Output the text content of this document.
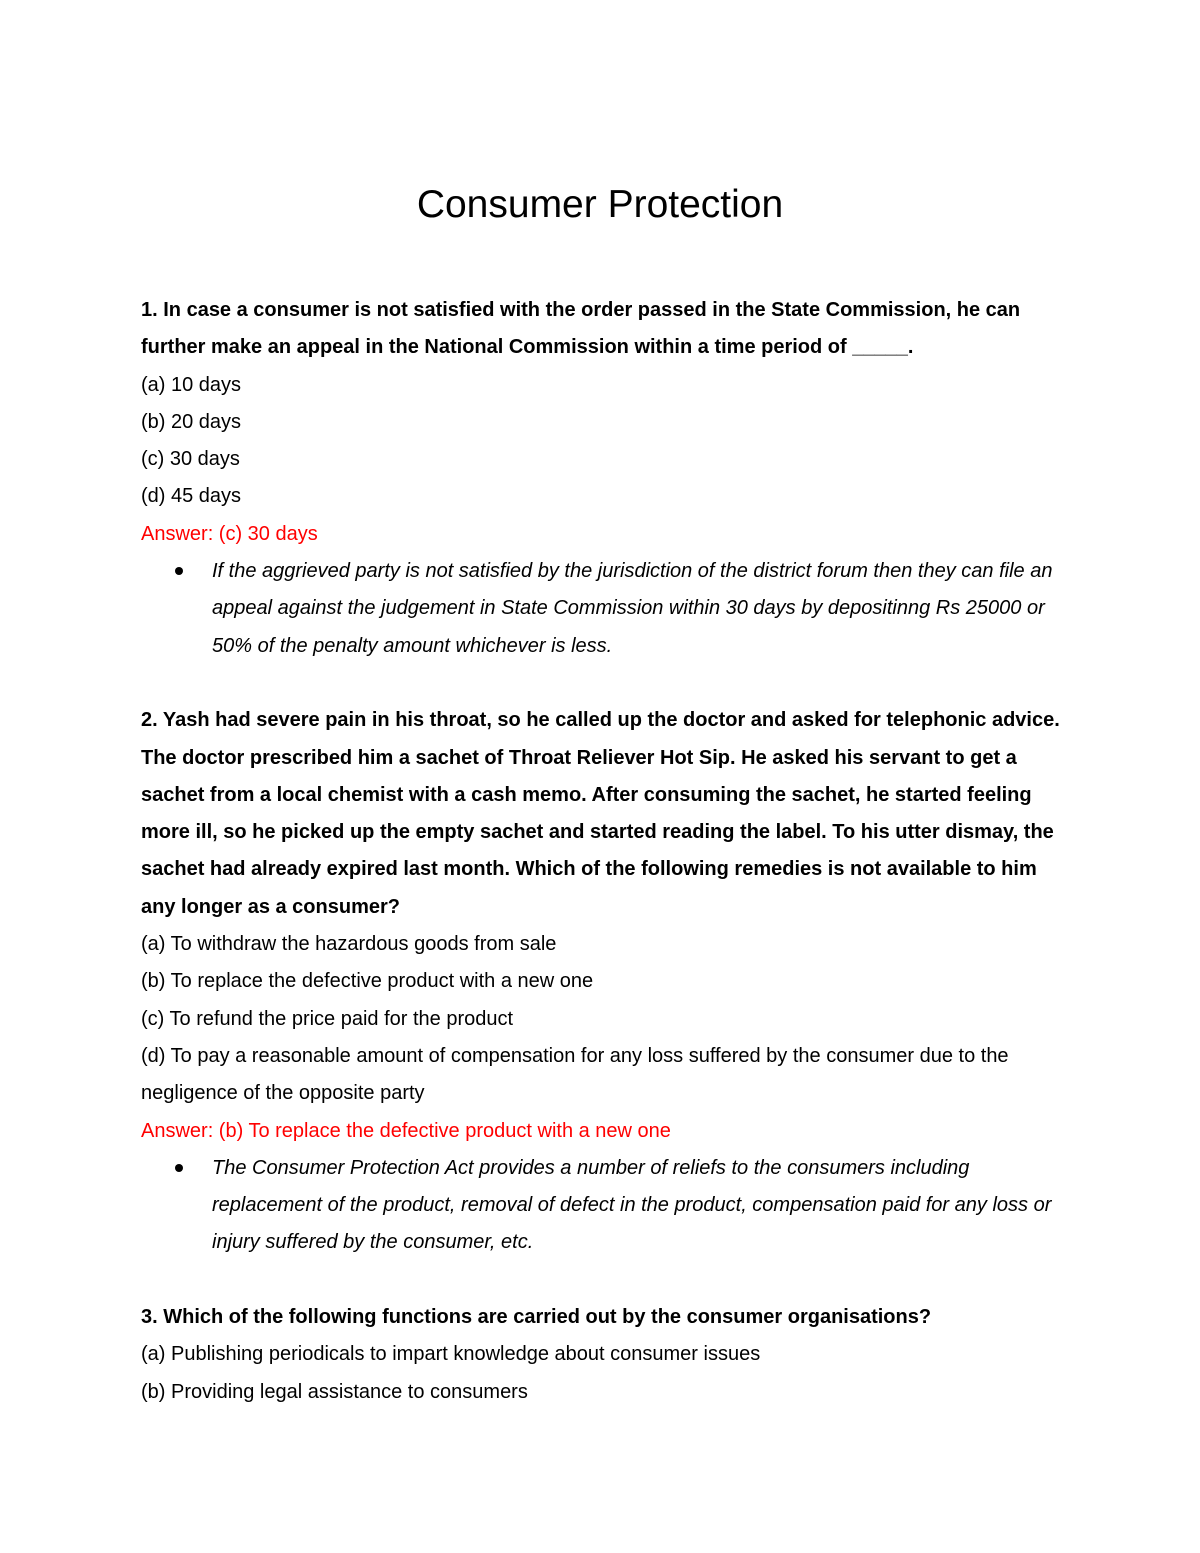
Consumer Protection

1. In case a consumer is not satisfied with the order passed in the State Commission, he can further make an appeal in the National Commission within a time period of _____.

(a) 10 days

(b) 20 days

(c) 30 days

(d) 45 days

Answer: (c) 30 days

If the aggrieved party is not satisfied by the jurisdiction of the district forum then they can file an appeal against the judgement in State Commission within 30 days by depositinng Rs 25000 or 50% of the penalty amount whichever is less.

2. Yash had severe pain in his throat, so he called up the doctor and asked for telephonic advice. The doctor prescribed him a sachet of Throat Reliever Hot Sip. He asked his servant to get a sachet from a local chemist with a cash memo. After consuming the sachet, he started feeling more ill, so he picked up the empty sachet and started reading the label. To his utter dismay, the sachet had already expired last month. Which of the following remedies is not available to him any longer as a consumer?

(a) To withdraw the hazardous goods from sale

(b) To replace the defective product with a new one

(c) To refund the price paid for the product

(d) To pay a reasonable amount of compensation for any loss suffered by the consumer due to the negligence of the opposite party

Answer: (b) To replace the defective product with a new one

The Consumer Protection Act provides a number of reliefs to the consumers including replacement of the product, removal of defect in the product, compensation paid for any loss or injury suffered by the consumer, etc.

3. Which of the following functions are carried out by the consumer organisations?

(a) Publishing periodicals to impart knowledge about consumer issues

(b) Providing legal assistance to consumers
